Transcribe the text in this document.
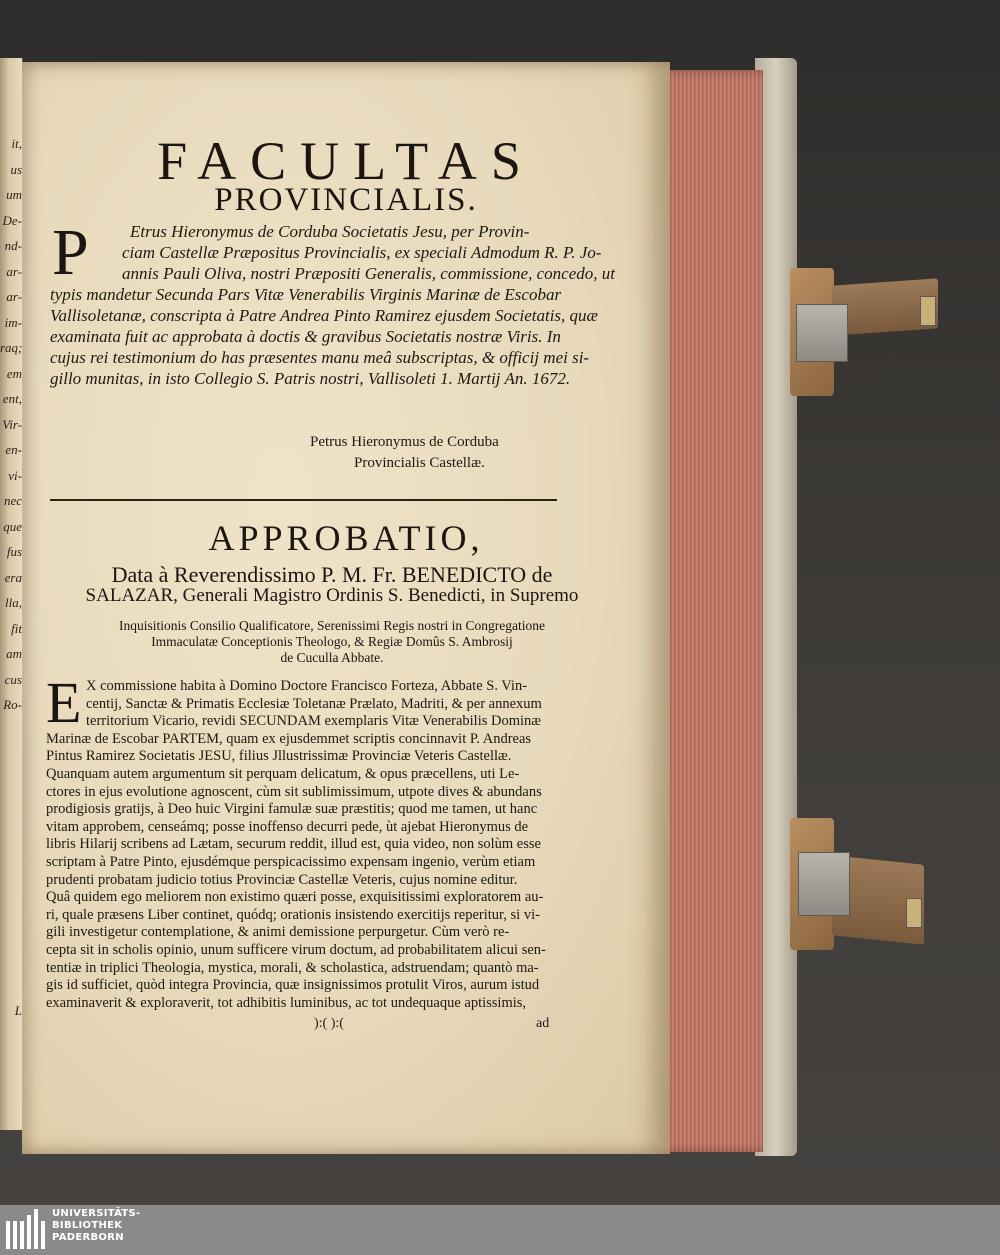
it,
us
um
De-
nd-
ar-
ar-
im-
raq;
em
ent,
Vir-
en-
vi-
nec
que
fus
era
lla,
fit
am
cus
Ro-
L
FACULTAS
PROVINCIALIS.
P Etrus Hieronymus de Corduba Societatis Jesu, per Provin-
ciam Castellæ Præpositus Provincialis, ex speciali Admodum R. P. Jo-
annis Pauli Oliva, nostri Præpositi Generalis, commissione, concedo, ut
typis mandetur Secunda Pars Vitæ Venerabilis Virginis Marinæ de Escobar
Vallisoletanæ, conscripta à Patre Andrea Pinto Ramirez ejusdem Societatis, quæ
examinata fuit ac approbata à doctis & gravibus Societatis nostræ Viris. In
cujus rei testimonium do has præsentes manu meâ subscriptas, & officij mei si-
gillo munitas, in isto Collegio S. Patris nostri, Vallisoleti 1. Martij An. 1672.
Petrus Hieronymus de Corduba
Provincialis Castellæ.
APPROBATIO,
Data à Reverendissimo P. M. Fr. BENEDICTO de
SALAZAR, Generali Magistro Ordinis S. Benedicti, in Supremo
Inquisitionis Consilio Qualificatore, Serenissimi Regis nostri in Congregatione
Immaculatæ Conceptionis Theologo, & Regiæ Domûs S. Ambrosij
de Cuculla Abbate.
E X commissione habita à Domino Doctore Francisco Forteza, Abbate S. Vin-
centij, Sanctæ & Primatis Ecclesiæ Toletanæ Prælato, Madriti, & per annexum
territorium Vicario, revidi SECUNDAM exemplaris Vitæ Venerabilis Dominæ
Marinæ de Escobar PARTEM, quam ex ejusdemmet scriptis concinnavit P. Andreas
Pintus Ramirez Societatis JESU, filius Jllustrissimæ Provinciæ Veteris Castellæ.
Quanquam autem argumentum sit perquam delicatum, & opus præcellens, uti Le-
ctores in ejus evolutione agnoscent, cùm sit sublimissimum, utpote dives & abundans
prodigiosis gratijs, à Deo huic Virgini famulæ suæ præstitis; quod me tamen, ut hanc
vitam approbem, censeámq; posse inoffenso decurri pede, ùt ajebat Hieronymus de
libris Hilarij scribens ad Lætam, securum reddit, illud est, quia video, non solùm esse
scriptam à Patre Pinto, ejusdémque perspicacissimo expensam ingenio, verùm etiam
prudenti probatam judicio totius Provinciæ Castellæ Veteris, cujus nomine editur.
Quâ quidem ego meliorem non existimo quæri posse, exquisitissimi exploratorem au-
ri, quale præsens Liber continet, quódq; orationis insistendo exercitijs reperitur, si vi-
gili investigetur contemplatione, & animi demissione perpurgetur. Cùm verò re-
cepta sit in scholis opinio, unum sufficere virum doctum, ad probabilitatem alicui sen-
tentiæ in triplici Theologia, mystica, morali, & scholastica, adstruendam; quantò ma-
gis id sufficiet, quòd integra Provincia, quæ insignissimos protulit Viros, aurum istud
examinaverit & exploraverit, tot adhibitis luminibus, ac tot undequaque aptissimis,
):( ):(	ad
UNIVERSITÄTS-
BIBLIOTHEK
PADERBORN
